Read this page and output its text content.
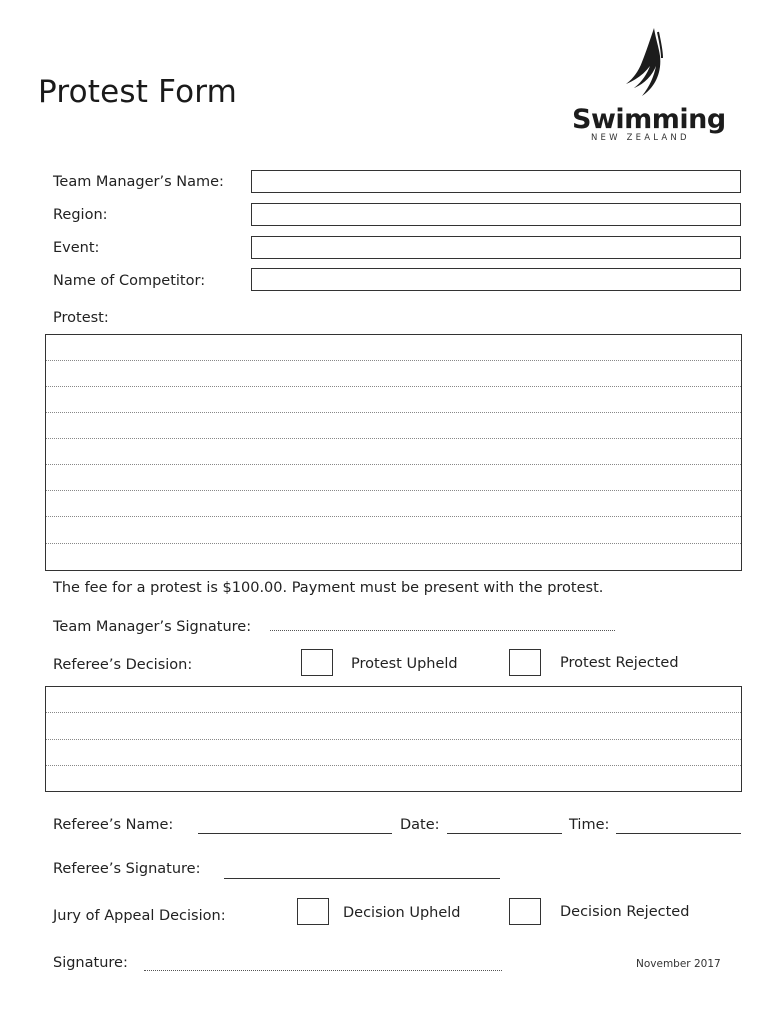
Protest Form
Swimming
NEW ZEALAND
Team Manager’s Name:
Region:
Event:
Name of Competitor:
Protest:
The fee for a protest is $100.00. Payment must be present with the protest.
Team Manager’s Signature:
Referee’s Decision:	Protest Upheld	Protest Rejected
Referee’s Name:	Date:	Time:
Referee’s Signature:
Jury of Appeal Decision:	Decision Upheld	Decision Rejected
Signature:	November 2017
